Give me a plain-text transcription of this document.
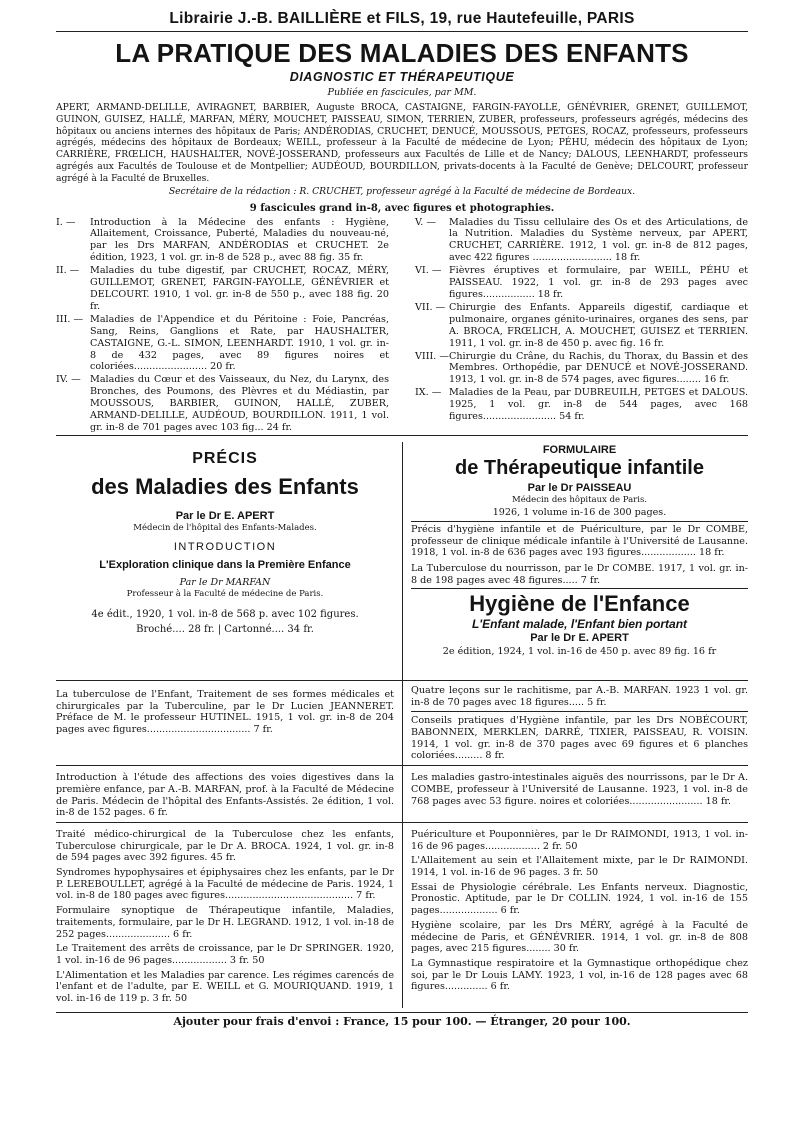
Librairie J.-B. BAILLIÈRE et FILS, 19, rue Hautefeuille, PARIS
LA PRATIQUE DES MALADIES DES ENFANTS
DIAGNOSTIC ET THÉRAPEUTIQUE
Publiée en fascicules, par MM.
APERT, ARMAND-DELILLE, AVIRAGNET, BARBIER, Auguste BROCA, CASTAIGNE, FARGIN-FAYOLLE, GÉNÉVRIER, GRENET, GUILLEMOT, GUINON, GUISEZ, HALLÉ, MARFAN, MÉRY, MOUCHET, PAISSEAU, SIMON, TERRIEN, ZUBER, professeurs, professeurs agrégés, médecins des hôpitaux ou anciens internes des hôpitaux de Paris; ANDÉRODIAS, CRUCHET, DENUCÉ, MOUSSOUS, PETGES, ROCAZ, professeurs, professeurs agrégés, médecins des hôpitaux de Bordeaux; WEILL, professeur à la Faculté de médecine de Lyon; PÉHU, médecin des hôpitaux de Lyon; CARRIÈRE, FRŒLICH, HAUSHALTER, NOVÉ-JOSSERAND, professeurs aux Facultés de Lille et de Nancy; DALOUS, LEENHARDT, professeurs agrégés aux Facultés de Toulouse et de Montpellier; AUDÉOUD, BOURDILLON, privats-docents à la Faculté de Genève; DELCOURT, professeur agrégé à la Faculté de Bruxelles.
Secrétaire de la rédaction : R. CRUCHET, professeur agrégé à la Faculté de médecine de Bordeaux.
9 fascicules grand in-8, avec figures et photographies.
I. —	Introduction à la Médecine des enfants : Hygiène, Allaitement, Croissance, Puberté, Maladies du nouveau-né, par les Drs MARFAN, ANDÉRODIAS et CRUCHET. 2e édition, 1923, 1 vol. gr. in-8 de 528 p., avec 88 fig. 35 fr.
II. —	Maladies du tube digestif, par CRUCHET, ROCAZ, MÉRY, GUILLEMOT, GRENET, FARGIN-FAYOLLE, GÉNÉVRIER et DELCOURT. 1910, 1 vol. gr. in-8 de 550 p., avec 188 fig. 20 fr.
III. — Maladies de l'Appendice et du Péritoine : Foie, Pancréas, Sang, Reins, Ganglions et Rate, par HAUSHALTER, CASTAIGNE, G.-L. SIMON, LEENHARDT. 1910, 1 vol. gr. in-8 de 432 pages, avec 89 figures noires et coloriées........................ 20 fr.
IV. — Maladies du Cœur et des Vaisseaux, du Nez, du Larynx, des Bronches, des Poumons, des Plèvres et du Médiastin, par MOUSSOUS, BARBIER, GUINON, HALLÉ, ZUBER, ARMAND-DELILLE, AUDÉOUD, BOURDILLON. 1911, 1 vol. gr. in-8 de 701 pages avec 103 fig... 24 fr.
V. —	Maladies du Tissu cellulaire des Os et des Articulations, de la Nutrition. Maladies du Système nerveux, par APERT, CRUCHET, CARRIÈRE. 1912, 1 vol. gr. in-8 de 812 pages, avec 422 figures .......................... 18 fr.
VI. — Fièvres éruptives et formulaire, par WEILL, PÉHU et PAISSEAU. 1922, 1 vol. gr. in-8 de 293 pages avec figures................. 18 fr.
VII. — Chirurgie des Enfants. Appareils digestif, cardiaque et pulmonaire, organes génito-urinaires, organes des sens, par A. BROCA, FRŒLICH, A. MOUCHET, GUISEZ et TERRIEN. 1911, 1 vol. gr. in-8 de 450 p. avec fig. 16 fr.
VIII. — Chirurgie du Crâne, du Rachis, du Thorax, du Bassin et des Membres. Orthopédie, par DENUCÉ et NOVÉ-JOSSERAND. 1913, 1 vol. gr. in-8 de 574 pages, avec figures........ 16 fr.
IX. — Maladies de la Peau, par DUBREUILH, PETGES et DALOUS. 1925, 1 vol. gr. in-8 de 544 pages, avec 168 figures........................ 54 fr.
PRÉCIS
des Maladies des Enfants
Par le Dr E. APERT
Médecin de l'hôpital des Enfants-Malades.
INTRODUCTION
L'Exploration clinique dans la Première Enfance
Par le Dr MARFAN
Professeur à la Faculté de médecine de Paris.
4e édit., 1920, 1 vol. in-8 de 568 p. avec 102 figures.
Broché.... 28 fr. | Cartonné.... 34 fr.
FORMULAIRE
de Thérapeutique infantile
Par le Dr PAISSEAU
Médecin des hôpitaux de Paris.
1926, 1 volume in-16 de 300 pages.
Précis d'hygiène infantile et de Puériculture, par le Dr COMBE, professeur de clinique médicale infantile à l'Université de Lausanne. 1918, 1 vol. in-8 de 636 pages avec 193 figures.................. 18 fr.
La Tuberculose du nourrisson, par le Dr COMBE. 1917, 1 vol. gr. in-8 de 198 pages avec 48 figures..... 7 fr.
Hygiène de l'Enfance
L'Enfant malade, l'Enfant bien portant
Par le Dr E. APERT
2e édition, 1924, 1 vol. in-16 de 450 p. avec 89 fig. 16 fr
La tuberculose de l'Enfant, Traitement de ses formes médicales et chirurgicales par la Tuberculine, par le Dr Lucien JEANNERET. Préface de M. le professeur HUTINEL. 1915, 1 vol. gr. in-8 de 204 pages avec figures.................................. 7 fr.
Quatre leçons sur le rachitisme, par A.-B. MARFAN. 1923 1 vol. gr. in-8 de 70 pages avec 18 figures..... 5 fr.
Conseils pratiques d'Hygiène infantile, par les Drs NOBÉCOURT, BABONNEIX, MERKLEN, DARRÉ, TIXIER, PAISSEAU, R. VOISIN. 1914, 1 vol. gr. in-8 de 370 pages avec 69 figures et 6 planches coloriées......... 8 fr.
Introduction à l'étude des affections des voies digestives dans la première enfance, par A.-B. MARFAN, prof. à la Faculté de Médecine de Paris. Médecin de l'hôpital des Enfants-Assistés. 2e édition, 1 vol. in-8 de 152 pages. 6 fr.
Les maladies gastro-intestinales aiguës des nourrissons, par le Dr A. COMBE, professeur à l'Université de Lausanne. 1923, 1 vol. in-8 de 768 pages avec 53 figure. noires et coloriées........................ 18 fr.
Traité médico-chirurgical de la Tuberculose chez les enfants, Tuberculose chirurgicale, par le Dr A. BROCA. 1924, 1 vol. gr. in-8 de 594 pages avec 392 figures. 45 fr.
Syndromes hypophysaires et épiphysaires chez les enfants, par le Dr P. LEREBOULLET, agrégé à la Faculté de médecine de Paris. 1924, 1 vol. in-8 de 180 pages avec figures.......................................... 7 fr.
Formulaire synoptique de Thérapeutique infantile, Maladies, traitements, formulaire, par le Dr H. LEGRAND. 1912, 1 vol. in-18 de 252 pages..................... 6 fr.
Le Traitement des arrêts de croissance, par le Dr SPRINGER. 1920, 1 vol. in-16 de 96 pages.................. 3 fr. 50
L'Alimentation et les Maladies par carence. Les régimes carencés de l'enfant et de l'adulte, par E. WEILL et G. MOURIQUAND. 1919, 1 vol. in-16 de 119 p. 3 fr. 50
Puériculture et Pouponnières, par le Dr RAIMONDI, 1913, 1 vol. in-16 de 96 pages.................. 2 fr. 50
L'Allaitement au sein et l'Allaitement mixte, par le Dr RAIMONDI. 1914, 1 vol. in-16 de 96 pages. 3 fr. 50
Essai de Physiologie cérébrale. Les Enfants nerveux. Diagnostic, Pronostic. Aptitude, par le Dr COLLIN. 1924, 1 vol. in-16 de 155 pages................... 6 fr.
Hygiène scolaire, par les Drs MÉRY, agrégé à la Faculté de médecine de Paris, et GÉNÉVRIER. 1914, 1 vol. gr. in-8 de 808 pages, avec 215 figures........ 30 fr.
La Gymnastique respiratoire et la Gymnastique orthopédique chez soi, par le Dr Louis LAMY. 1923, 1 vol, in-16 de 128 pages avec 68 figures.............. 6 fr.
Ajouter pour frais d'envoi : France, 15 pour 100. — Étranger, 20 pour 100.
